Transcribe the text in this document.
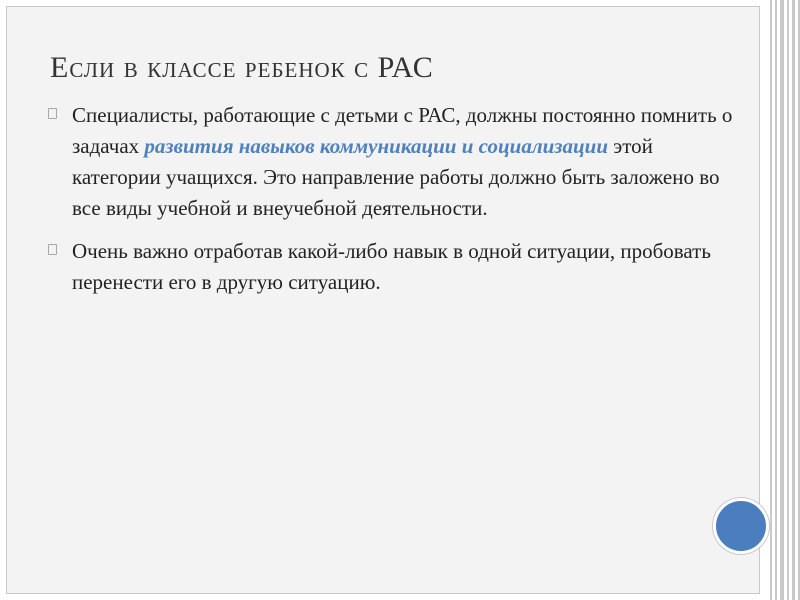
Если в классе ребенок с РАС
Специалисты, работающие с детьми с РАС, должны постоянно помнить о задачах развития навыков коммуникации и социализации этой категории учащихся. Это направление работы должно быть заложено во все виды учебной и внеучебной деятельности.
Очень важно отработав какой-либо навык в одной ситуации, пробовать перенести его в другую ситуацию.
